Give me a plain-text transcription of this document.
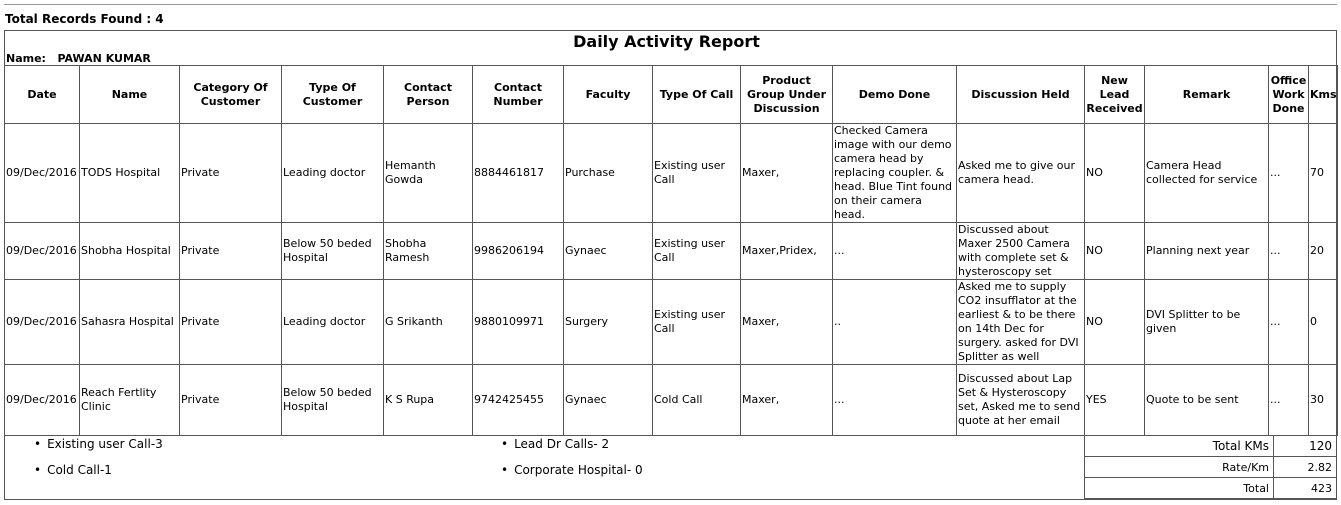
Total Records Found : 4
Daily Activity Report
Name: PAWAN KUMAR
Date	Name	Category Of Customer	Type Of Customer	Contact Person	Contact Number	Faculty	Type Of Call	Product Group Under Discussion	Demo Done	Discussion Held	New Lead Received	Remark	Office Work Done	Kms
09/Dec/2016	TODS Hospital	Private	Leading doctor	Hemanth Gowda	8884461817	Purchase	Existing user Call	Maxer,	Checked Camera image with our demo camera head by replacing coupler. & head. Blue Tint found on their camera head.	Asked me to give our camera head.	NO	Camera Head collected for service	...	70
09/Dec/2016	Shobha Hospital	Private	Below 50 beded Hospital	Shobha Ramesh	9986206194	Gynaec	Existing user Call	Maxer,Pridex,	...	Discussed about Maxer 2500 Camera with complete set & hysteroscopy set	NO	Planning next year	...	20
09/Dec/2016	Sahasra Hospital	Private	Leading doctor	G Srikanth	9880109971	Surgery	Existing user Call	Maxer,	..	Asked me to supply CO2 insufflator at the earliest & to be there on 14th Dec for surgery. asked for DVI Splitter as well	NO	DVI Splitter to be given	...	0
09/Dec/2016	Reach Fertlity Clinic	Private	Below 50 beded Hospital	K S Rupa	9742425455	Gynaec	Cold Call	Maxer,	...	Discussed about Lap Set & Hysteroscopy set, Asked me to send quote at her email	YES	Quote to be sent	...	30
• Existing user Call-3
• Cold Call-1
• Lead Dr Calls- 2
• Corporate Hospital- 0
Total KMs	120
Rate/Km	2.82
Total	423
